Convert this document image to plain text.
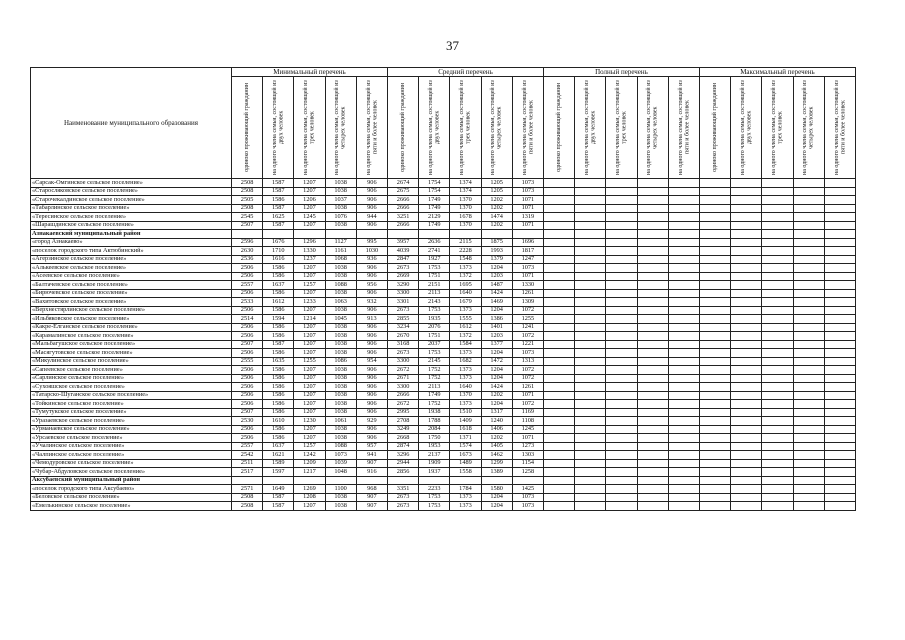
37
Наименование муниципального образования	Минимальный перечень					Средний перечень					Полный перечень					Максимальный перечень				

	одиноко проживающий гражданин	на одного члена семьи, состоящей из двух человек	на одного члена семьи, состоящей из трех человек	на одного члена семьи, состоящей из четырех человек	на одного члена семьи, состоящей из пяти и более человек	одиноко проживающий гражданин	на одного члена семьи, состоящей из двух человек	на одного члена семьи, состоящей из трех человек	на одного члена семьи, состоящей из четырех человек	на одного члена семьи, состоящей из пяти и более человек	одиноко проживающий гражданин	на одного члена семьи, состоящей из двух человек	на одного члена семьи, состоящей из трех человек	на одного члена семьи, состоящей из четырех человек	на одного члена семьи, состоящей из пяти и более человек	одиноко проживающий гражданин	на одного члена семьи, состоящей из двух человек	на одного члена семьи, состоящей из трех человек	на одного члена семьи, состоящей из четырех человек	на одного члена семьи, состоящей из пяти и более человек

«Сарсак-Омгинское сельское поселение»	2508	1587	1207	1038	906	2674	1754	1374	1205	1073										
«Старосляковское сельское поселение»	2508	1587	1207	1038	906	2675	1754	1374	1205	1073										
«Старочекалдинское сельское поселение»	2505	1586	1206	1037	906	2666	1749	1370	1202	1071										
«Табарлинское сельское поселение»	2508	1587	1207	1038	906	2666	1749	1370	1202	1071										
«Тересинское сельское поселение»	2545	1625	1245	1076	944	3251	2129	1678	1474	1319										
«Шарашдинское сельское поселение»	2507	1587	1207	1038	906	2666	1749	1370	1202	1071										
Азнакаевский муниципальный район																				
«город Азнакаево»	2596	1676	1296	1127	995	3957	2636	2115	1875	1696										
«поселок городского типа Актюбинский»	2630	1710	1330	1161	1030	4039	2741	2228	1993	1817										
«Агерзинское сельское поселение»	2536	1616	1237	1068	936	2847	1927	1548	1379	1247										
«Алькеевское сельское поселение»	2506	1586	1207	1038	906	2673	1753	1373	1204	1073										
«Асеевское сельское поселение»	2506	1586	1207	1038	906	2669	1751	1372	1203	1071										
«Балтачевское сельское поселение»	2557	1637	1257	1088	956	3290	2151	1695	1487	1330										
«Бирючевское сельское поселение»	2506	1586	1207	1038	906	3300	2113	1640	1424	1261										
«Вахитовское сельское поселение»	2533	1612	1233	1063	932	3301	2143	1679	1469	1309										
«Верхнестярлинское сельское поселение»	2506	1586	1207	1038	906	2673	1753	1373	1204	1072										
«Ильбяковское сельское поселение»	2514	1594	1214	1045	913	2855	1935	1555	1386	1255										
«Какре-Елганское сельское поселение»	2506	1586	1207	1038	906	3234	2076	1612	1401	1241										
«Карамалинское сельское поселение»	2506	1586	1207	1038	906	2670	1751	1372	1203	1072										
«Мальбагушское сельское поселение»	2507	1587	1207	1038	906	3168	2037	1584	1377	1221										
«Масягутовское сельское поселение»	2506	1586	1207	1038	906	2673	1753	1373	1204	1073										
«Микулинское сельское поселение»	2555	1635	1255	1086	954	3300	2145	1682	1472	1313										
«Сапеевское сельское поселение»	2506	1586	1207	1038	906	2672	1752	1373	1204	1072										
«Сарлинское сельское поселение»	2506	1586	1207	1038	906	2671	1752	1373	1204	1072										
«Сухояшское сельское поселение»	2506	1586	1207	1038	906	3300	2113	1640	1424	1261										
«Татарско-Шуганское сельское поселение»	2506	1586	1207	1038	906	2666	1749	1370	1202	1071										
«Тойкинское сельское поселение»	2506	1586	1207	1038	906	2672	1752	1373	1204	1072										
«Тумутукское сельское поселение»	2507	1586	1207	1038	906	2995	1938	1510	1317	1169										
«Уразаевское сельское поселение»	2530	1610	1230	1061	929	2708	1788	1409	1240	1108										
«Урманаевское сельское поселение»	2506	1586	1207	1038	906	3249	2084	1618	1406	1245										
«Урсаевское сельское поселение»	2506	1586	1207	1038	906	2668	1750	1371	1202	1071										
«Учалинское сельское поселение»	2557	1637	1257	1088	957	2874	1953	1574	1405	1273										
«Чалпинское сельское поселение»	2542	1621	1242	1073	941	3296	2137	1673	1462	1303										
«Чемодуровское сельское поселение»	2511	1589	1209	1039	907	2944	1909	1489	1299	1154										
«Чубар-Абдуловское сельское поселение»	2517	1597	1217	1048	916	2856	1937	1558	1389	1258										
Аксубаевский муниципальный район																				
«поселок городского типа Аксубаево»	2571	1649	1269	1100	968	3351	2233	1784	1580	1425										
«Беловское сельское поселение»	2508	1587	1208	1038	907	2673	1753	1373	1204	1073										
«Емелькинское сельское поселение»	2508	1587	1207	1038	907	2673	1753	1373	1204	1073										
